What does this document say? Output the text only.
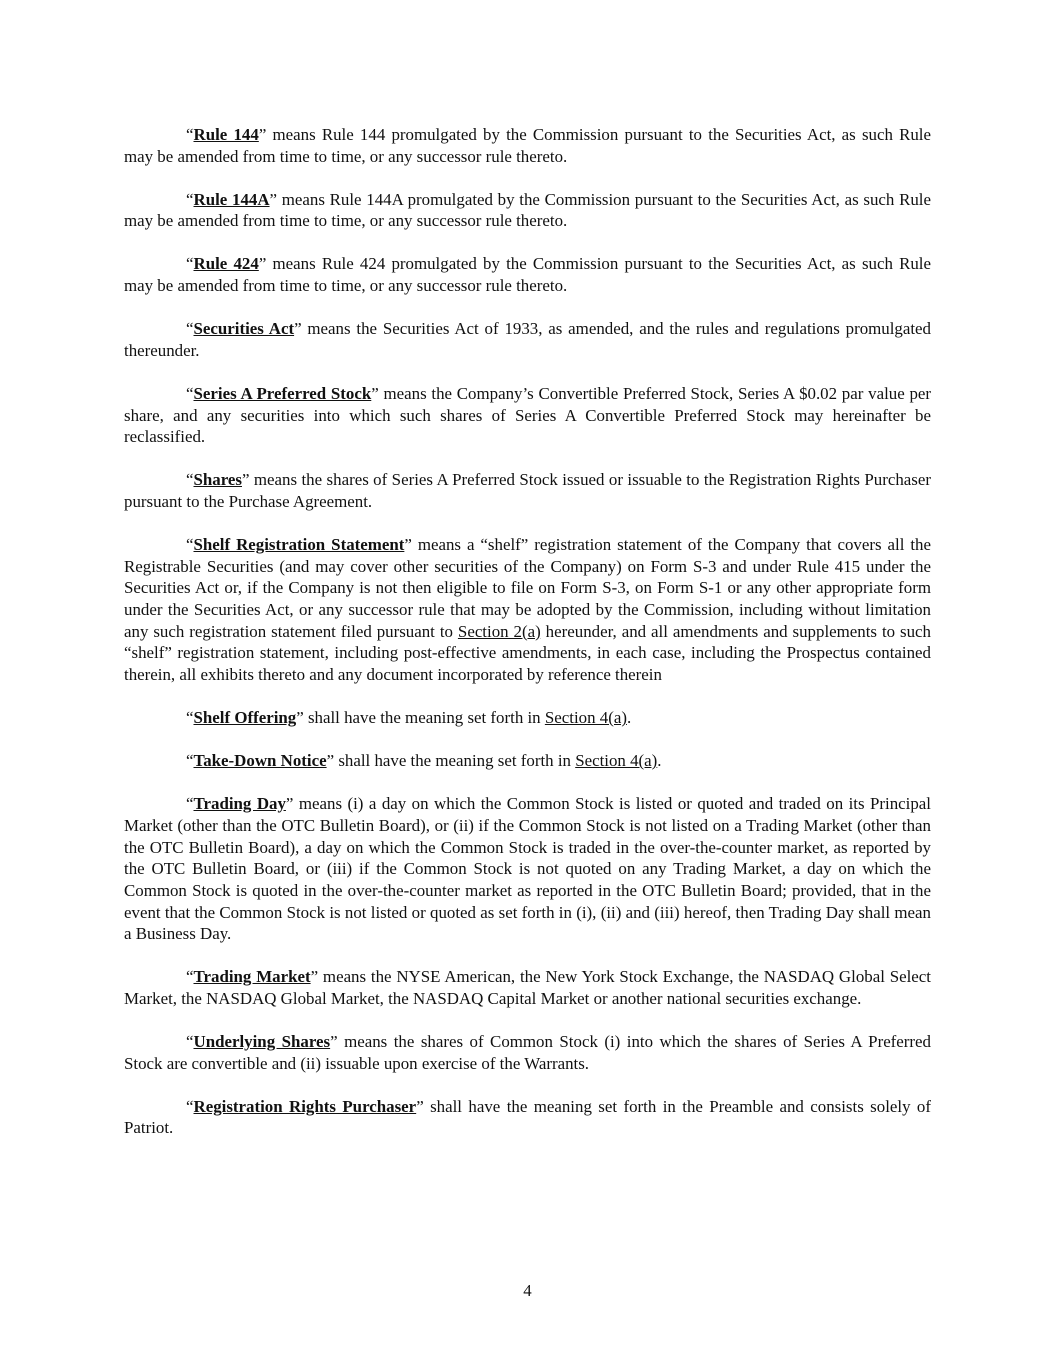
“Rule 144” means Rule 144 promulgated by the Commission pursuant to the Securities Act, as such Rule may be amended from time to time, or any successor rule thereto.

“Rule 144A” means Rule 144A promulgated by the Commission pursuant to the Securities Act, as such Rule may be amended from time to time, or any successor rule thereto.

“Rule 424” means Rule 424 promulgated by the Commission pursuant to the Securities Act, as such Rule may be amended from time to time, or any successor rule thereto.

“Securities Act” means the Securities Act of 1933, as amended, and the rules and regulations promulgated thereunder.

“Series A Preferred Stock” means the Company’s Convertible Preferred Stock, Series A $0.02 par value per share, and any securities into which such shares of Series A Convertible Preferred Stock may hereinafter be reclassified.

“Shares” means the shares of Series A Preferred Stock issued or issuable to the Registration Rights Purchaser pursuant to the Purchase Agreement.

“Shelf Registration Statement” means a “shelf” registration statement of the Company that covers all the Registrable Securities (and may cover other securities of the Company) on Form S-3 and under Rule 415 under the Securities Act or, if the Company is not then eligible to file on Form S-3, on Form S-1 or any other appropriate form under the Securities Act, or any successor rule that may be adopted by the Commission, including without limitation any such registration statement filed pursuant to Section 2(a) hereunder, and all amendments and supplements to such “shelf” registration statement, including post-effective amendments, in each case, including the Prospectus contained therein, all exhibits thereto and any document incorporated by reference therein

“Shelf Offering” shall have the meaning set forth in Section 4(a).

“Take-Down Notice” shall have the meaning set forth in Section 4(a).

“Trading Day” means (i) a day on which the Common Stock is listed or quoted and traded on its Principal Market (other than the OTC Bulletin Board), or (ii) if the Common Stock is not listed on a Trading Market (other than the OTC Bulletin Board), a day on which the Common Stock is traded in the over-the-counter market, as reported by the OTC Bulletin Board, or (iii) if the Common Stock is not quoted on any Trading Market, a day on which the Common Stock is quoted in the over-the-counter market as reported in the OTC Bulletin Board; provided, that in the event that the Common Stock is not listed or quoted as set forth in (i), (ii) and (iii) hereof, then Trading Day shall mean a Business Day.

“Trading Market” means the NYSE American, the New York Stock Exchange, the NASDAQ Global Select Market, the NASDAQ Global Market, the NASDAQ Capital Market or another national securities exchange.

“Underlying Shares” means the shares of Common Stock (i) into which the shares of Series A Preferred Stock are convertible and (ii) issuable upon exercise of the Warrants.

“Registration Rights Purchaser” shall have the meaning set forth in the Preamble and consists solely of Patriot.

4
